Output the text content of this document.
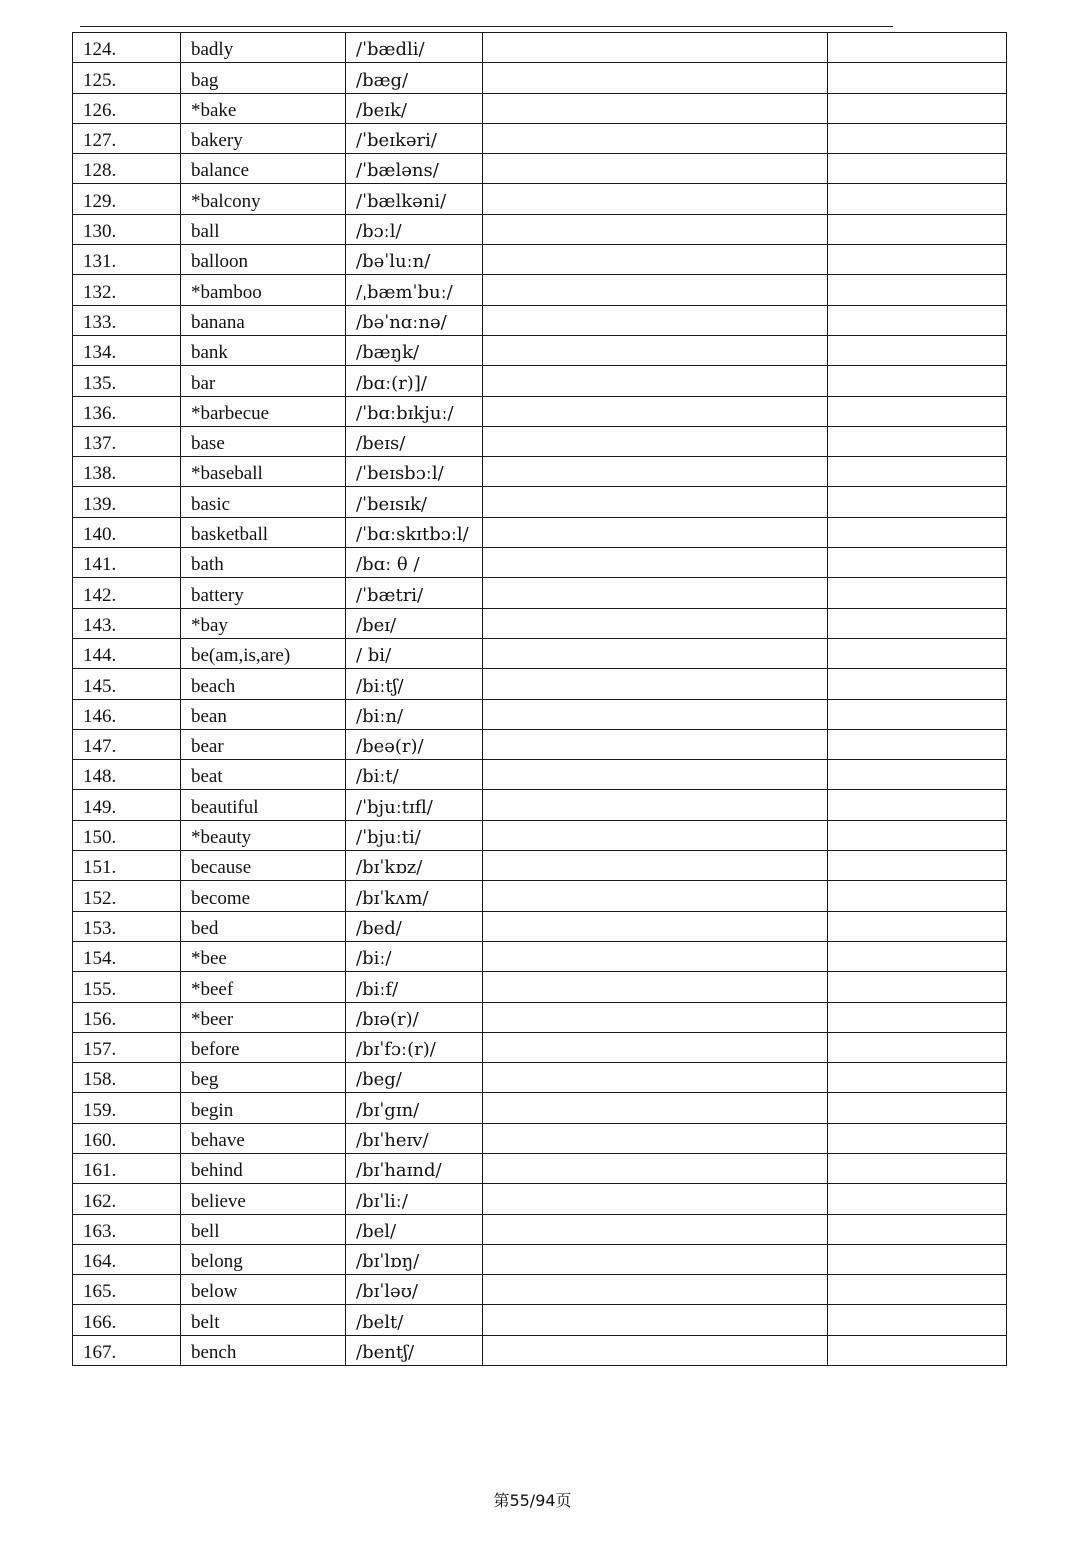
124.	badly	/ˈbædli/		
125.	bag	/bæg/		
126.	*bake	/beɪk/		
127.	bakery	/ˈbeɪkəri/		
128.	balance	/ˈbæləns/		
129.	*balcony	/ˈbælkəni/		
130.	ball	/bɔːl/		
131.	balloon	/bəˈluːn/		
132.	*bamboo	/ˌbæmˈbuː/		
133.	banana	/bəˈnɑːnə/		
134.	bank	/bæŋk/		
135.	bar	/bɑː(r)]/		
136.	*barbecue	/ˈbɑːbɪkjuː/		
137.	base	/beɪs/		
138.	*baseball	/ˈbeɪsbɔːl/		
139.	basic	/ˈbeɪsɪk/		
140.	basketball	/ˈbɑːskɪtbɔːl/		
141.	bath	/bɑː θ /		
142.	battery	/ˈbætri/		
143.	*bay	/beɪ/		
144.	be(am,is,are)	/ bi/		
145.	beach	/biːtʃ/		
146.	bean	/biːn/		
147.	bear	/beə(r)/		
148.	beat	/biːt/		
149.	beautiful	/ˈbjuːtɪfl/		
150.	*beauty	/ˈbjuːti/		
151.	because	/bɪˈkɒz/		
152.	become	/bɪˈkʌm/		
153.	bed	/bed/		
154.	*bee	/biː/		
155.	*beef	/biːf/		
156.	*beer	/bɪə(r)/		
157.	before	/bɪˈfɔː(r)/		
158.	beg	/beg/		
159.	begin	/bɪˈgɪn/		
160.	behave	/bɪˈheɪv/		
161.	behind	/bɪˈhaɪnd/		
162.	believe	/bɪˈliː/		
163.	bell	/bel/		
164.	belong	/bɪˈlɒŋ/		
165.	below	/bɪˈləʊ/		
166.	belt	/belt/		
167.	bench	/bentʃ/		
第55/94页
